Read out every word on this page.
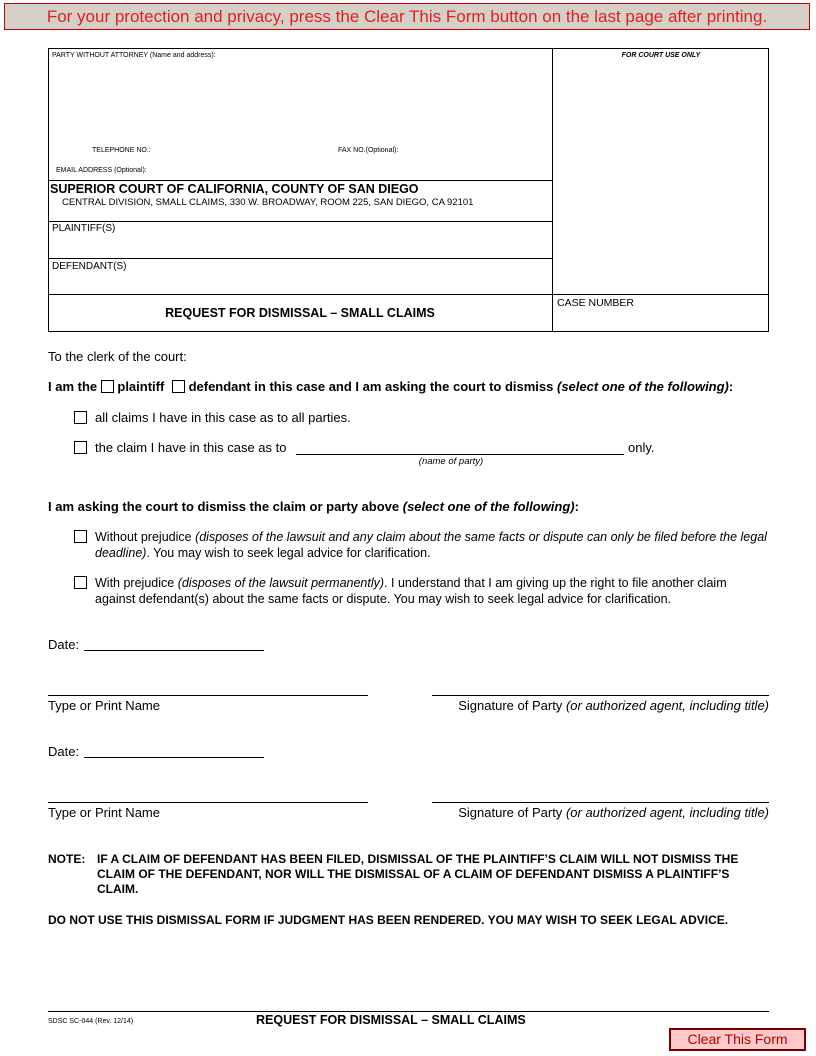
For your protection and privacy, press the Clear This Form button on the last page after printing.
PARTY WITHOUT ATTORNEY (Name and address):	FOR COURT USE ONLY
TELEPHONE NO.:	FAX NO.(Optional):
EMAIL ADDRESS (Optional):
SUPERIOR COURT OF CALIFORNIA, COUNTY OF SAN DIEGO
CENTRAL DIVISION, SMALL CLAIMS, 330 W. BROADWAY, ROOM 225, SAN DIEGO, CA 92101
PLAINTIFF(S)
DEFENDANT(S)
REQUEST FOR DISMISSAL – SMALL CLAIMS
CASE NUMBER
To the clerk of the court:
I am the plaintiff defendant in this case and I am asking the court to dismiss (select one of the following):
all claims I have in this case as to all parties.
the claim I have in this case as to	only.
(name of party)
I am asking the court to dismiss the claim or party above (select one of the following):
Without prejudice (disposes of the lawsuit and any claim about the same facts or dispute can only be filed before the legal deadline). You may wish to seek legal advice for clarification.
With prejudice (disposes of the lawsuit permanently). I understand that I am giving up the right to file another claim against defendant(s) about the same facts or dispute. You may wish to seek legal advice for clarification.
Date:
Type or Print Name	Signature of Party (or authorized agent, including title)
Date:
Type or Print Name	Signature of Party (or authorized agent, including title)
NOTE: IF A CLAIM OF DEFENDANT HAS BEEN FILED, DISMISSAL OF THE PLAINTIFF’S CLAIM WILL NOT DISMISS THE CLAIM OF THE DEFENDANT, NOR WILL THE DISMISSAL OF A CLAIM OF DEFENDANT DISMISS A PLAINTIFF’S CLAIM.
DO NOT USE THIS DISMISSAL FORM IF JUDGMENT HAS BEEN RENDERED. YOU MAY WISH TO SEEK LEGAL ADVICE.
SDSC SC-044 (Rev. 12/14)	REQUEST FOR DISMISSAL – SMALL CLAIMS
Clear This Form
